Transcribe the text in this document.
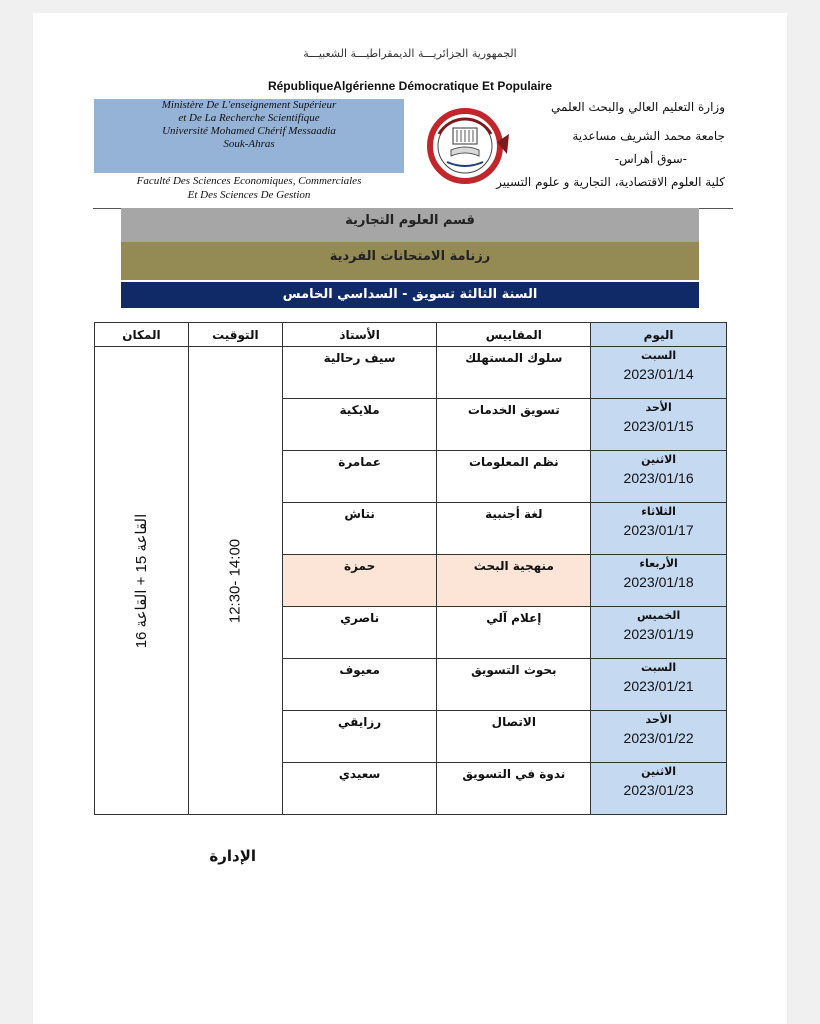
الجمهورية الجزائريـــة الديمقراطيـــة الشعبيـــة
RépubliqueAlgérienne Démocratique Et Populaire
Ministère De L'enseignement Supérieur
et De La Recherche Scientifique
Université Mohamed Chérif Messaadia
Souk-Ahras
Faculté Des Sciences Economiques, Commerciales
Et Des Sciences De Gestion
وزارة التعليم العالي والبحث العلمي
جامعة محمد الشريف مساعدية
-سوق أهراس-
كلية العلوم الاقتصادية، التجارية و علوم التسيير
قسم العلوم التجارية
رزنامة الامتحانات الفردية
السنة الثالثة تسويق - السداسي الخامس
اليوم	المقاييس	الأستاذ	التوقيت	المكان

السبت
2023/01/14	سلوك المستهلك	سيف رحالية	14:00 -12:30	القاعة 15 + القاعة 16

الأحد
2023/01/15	تسويق الخدمات	ملايكية		

الاثنين
2023/01/16	نظم المعلومات	عمامرة		

الثلاثاء
2023/01/17	لغة أجنبية	نتاش		

الأربعاء
2023/01/18	منهجية البحث	حمزة		

الخميس
2023/01/19	إعلام آلي	ناصري		

السبت
2023/01/21	بحوث التسويق	معيوف		

الأحد
2023/01/22	الاتصال	رزايقي		

الاثنين
2023/01/23	ندوة في التسويق	سعيدي		
الإدارة
